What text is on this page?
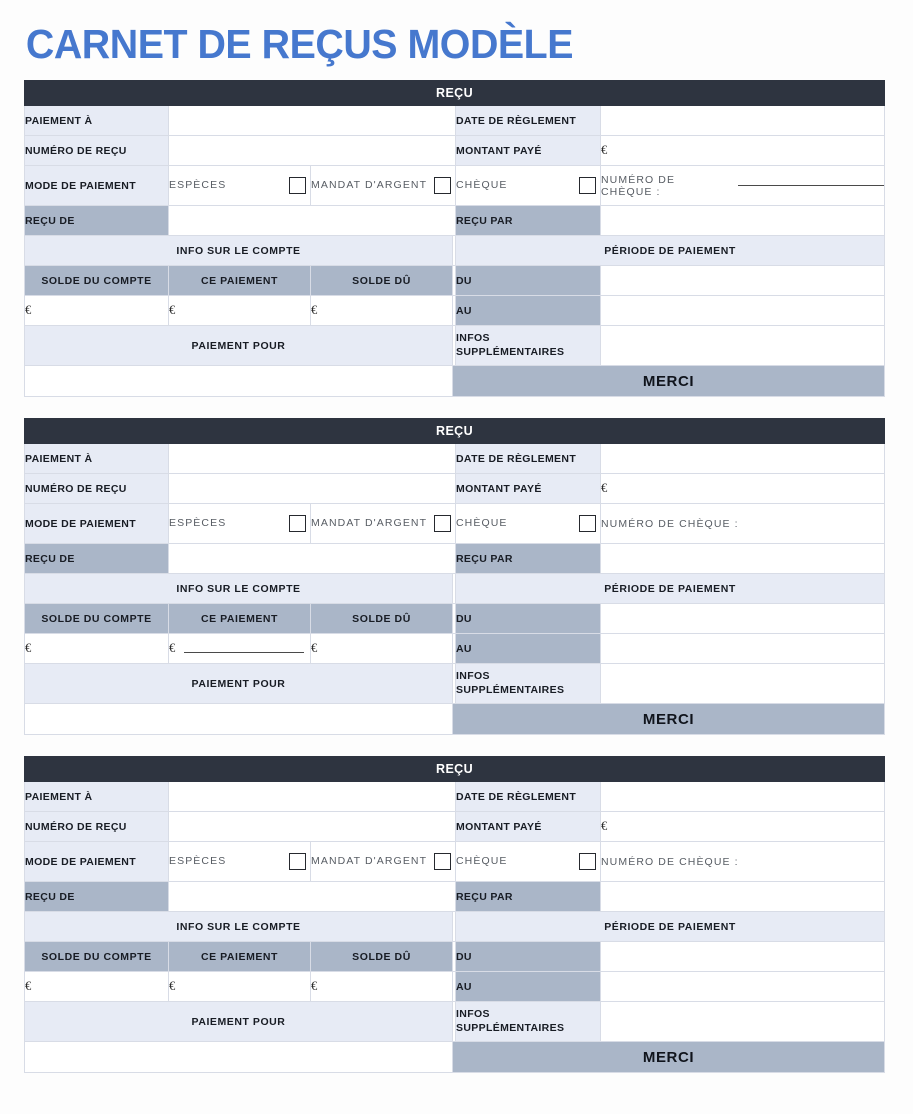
CARNET DE REÇUS MODÈLE
REÇU					
PAIEMENT À				DATE DE RÈGLEMENT	
NUMÉRO DE REÇU				MONTANT PAYÉ	€
MODE DE PAIEMENT	ESPÈCES	MANDAT D'ARGENT		CHÈQUE	NUMÉRO DE CHÈQUE :

REÇU DE				REÇU PAR	
INFO SUR LE COMPTE				PÉRIODE DE PAIEMENT	
SOLDE DU COMPTE	CE PAIEMENT	SOLDE DÛ		DU	
€	€	€		AU	
PAIEMENT POUR				INFOS SUPPLÉMENTAIRES	
			MERCI		
REÇU					
PAIEMENT À				DATE DE RÈGLEMENT	
NUMÉRO DE REÇU				MONTANT PAYÉ	€
MODE DE PAIEMENT	ESPÈCES	MANDAT D'ARGENT		CHÈQUE	NUMÉRO DE CHÈQUE :

REÇU DE				REÇU PAR	
INFO SUR LE COMPTE				PÉRIODE DE PAIEMENT	
SOLDE DU COMPTE	CE PAIEMENT	SOLDE DÛ		DU	
€	€	€		AU	
PAIEMENT POUR				INFOS SUPPLÉMENTAIRES	
			MERCI		
REÇU					
PAIEMENT À				DATE DE RÈGLEMENT	
NUMÉRO DE REÇU				MONTANT PAYÉ	€
MODE DE PAIEMENT	ESPÈCES	MANDAT D'ARGENT		CHÈQUE	NUMÉRO DE CHÈQUE :

REÇU DE				REÇU PAR	
INFO SUR LE COMPTE				PÉRIODE DE PAIEMENT	
SOLDE DU COMPTE	CE PAIEMENT	SOLDE DÛ		DU	
€	€	€		AU	
PAIEMENT POUR				INFOS SUPPLÉMENTAIRES	
			MERCI		
